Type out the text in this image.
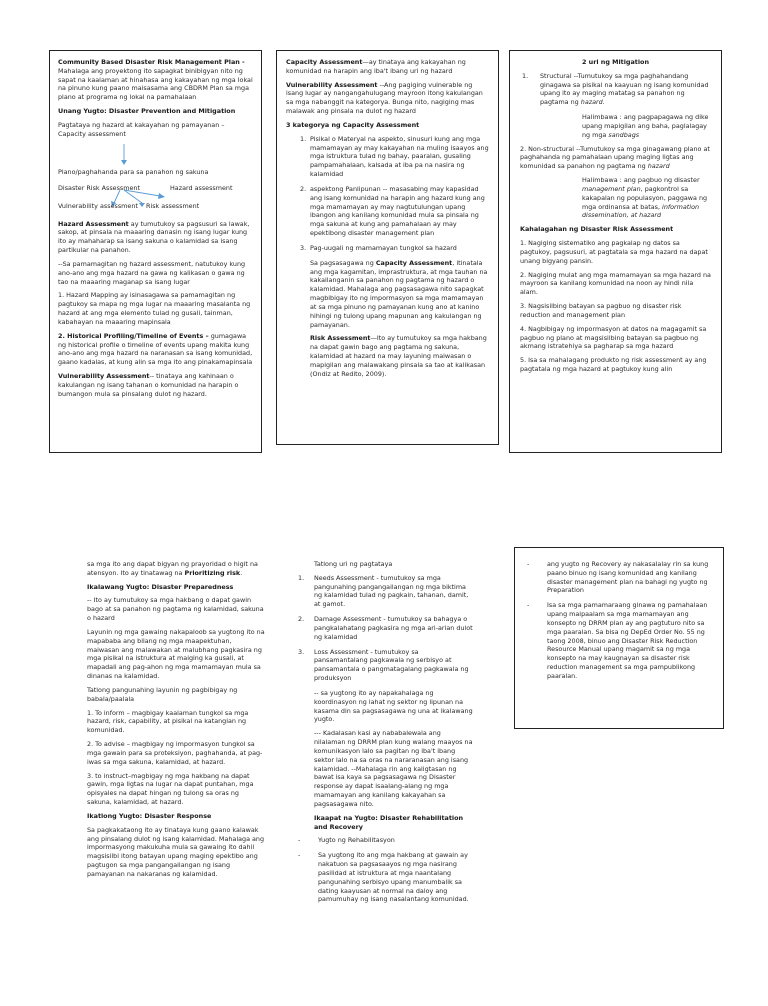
Community Based Disaster Risk Management Plan - Mahalaga ang proyektong ito sapagkat binibigyan nito ng sapat na kaalaman at hinahasa ang kakayahan ng mga lokal na pinuno kung paano maisasama ang CBDRM Plan sa mga plano at programa ng lokal na pamahalaan

Unang Yugto: Disaster Prevention and Mitigation

Pagtataya ng hazard at kakayahan ng pamayanan – Capacity assessment

Plano/paghahanda para sa panahon ng sakuna
Disaster Risk Assessment	Hazard assessment
Vulnerability assessment Risk assessment

Hazard Assessment ay tumutukoy sa pagsusuri sa lawak, sakop, at pinsala na maaaring danasin ng isang lugar kung ito ay mahaharap sa isang sakuna o kalamidad sa isang partikular na panahon.

--Sa pamamagitan ng hazard assessment, natutukoy kung ano-ano ang mga hazard na gawa ng kalikasan o gawa ng tao na maaaring maganap sa isang lugar

1. Hazard Mapping ay isinasagawa sa pamamagitan ng pagtukoy sa mapa ng mga lugar na maaaring masalanta ng hazard at ang mga elemento tulad ng gusali, tainman, kabahayan na maaaring mapinsala

2. Historical Profiling/Timeline of Events – gumagawa ng historical profile o timeline of events upang makita kung ano-ano ang mga hazard na naranasan sa isang komunidad, gaano kadalas, at kung alin sa mga ito ang pinakamapinsala

Vulnerability Assessment-- tinataya ang kahinaan o kakulangan ng isang tahanan o komunidad na harapin o bumangon mula sa pinsalang dulot ng hazard.

Capacity Assessment—ay tinataya ang kakayahan ng komunidad na harapin ang iba't ibang uri ng hazard

Vulnerability Assessment --Ang pagiging vulnerable ng isang lugar ay nangangahulugang mayroon itong kakulangan sa mga nabanggit na kategorya. Bunga nito, nagiging mas malawak ang pinsala na dulot ng hazard

3 kategorya ng Capacity Assessment

1. Pisikal o Materyal na aspekto, sinusuri kung ang mga mamamayan ay may kakayahan na muling isaayos ang mga istruktura tulad ng bahay, paaralan, gusaling pampamahalaan, kalsada at iba pa na nasira ng kalamidad
2. aspektong Panlipunan -- masasabing may kapasidad ang isang komunidad na harapin ang hazard kung ang mga mamamayan ay may nagtutulungan upang ibangon ang kanilang komunidad mula sa pinsala ng mga sakuna at kung ang pamahalaan ay may epektibong disaster management plan
3. Pag-uugali ng mamamayan tungkol sa hazard

Sa pagsasagawa ng Capacity Assessment, itinatala ang mga kagamitan, imprastruktura, at mga tauhan na kakailanganin sa panahon ng pagtama ng hazard o kalamidad. Mahalaga ang pagsasagawa nito sapagkat magbibigay ito ng impormasyon sa mga mamamayan at sa mga pinuno ng pamayanan kung ano at kanino hihingi ng tulong upang mapunan ang kakulangan ng pamayanan.

Risk Assessment—Ito ay tumutukoy sa mga hakbang na dapat gawin bago ang pagtama ng sakuna, kalamidad at hazard na may layuning maiwasan o mapigilan ang malawakang pinsala sa tao at kalikasan (Ondiz at Redito, 2009).

2 uri ng Mitigation

1. Structural --Tumutukoy sa mga paghahandang ginagawa sa pisikal na kaayuan ng isang komunidad upang ito ay maging matatag sa panahon ng pagtama ng hazard.

Halimbawa : ang pagpapagawa ng dike upang mapigilan ang baha, paglalagay ng mga sandbags

2. Non-structural --Tumutukoy sa mga ginagawang plano at paghahanda ng pamahalaan upang maging ligtas ang komunidad sa panahon ng pagtama ng hazard

Halimbawa : ang pagbuo ng disaster management plan, pagkontrol sa kakapalan ng populasyon, paggawa ng mga ordinansa at batas, information dissemination, at hazard

Kahalagahan ng Disaster Risk Assessment

1. Nagiging sistematiko ang pagkalap ng datos sa pagtukoy, pagsusuri, at pagtatala sa mga hazard na dapat unang bigyang pansin.

2. Nagiging mulat ang mga mamamayan sa mga hazard na mayroon sa kanilang komunidad na noon ay hindi nila alam.

3. Nagsisilbing batayan sa pagbuo ng disaster risk reduction and management plan

4. Nagbibigay ng impormasyon at datos na magagamit sa pagbuo ng plano at magsisilbing batayan sa pagbuo ng akmang istratehiya sa pagharap sa mga hazard

5. Isa sa mahalagang produkto ng risk assessment ay ang pagtatala ng mga hazard at pagtukoy kung alin

sa mga ito ang dapat bigyan ng prayoridad o higit na atensyon. Ito ay tinatawag na Prioritizing risk.

Ikalawang Yugto: Disaster Preparedness

-- Ito ay tumutukoy sa mga hakbang o dapat gawin bago at sa panahon ng pagtama ng kalamidad, sakuna o hazard

Layunin ng mga gawaing nakapaloob sa yugtong ito na mapababa ang bilang ng mga maapektuhan, maiwasan ang malawakan at malubhang pagkasira ng mga pisikal na istruktura at maiging ka gusali, at mapadali ang pag-ahon ng mga mamamayan mula sa dinanas na kalamidad.

Tatlong pangunahing layunin ng pagbibigay ng babala/paalala

1. To inform – magbigay kaalaman tungkol sa mga hazard, risk, capability, at pisikal na katangian ng komunidad.

2. To advise – magbigay ng impormasyon tungkol sa mga gawain para sa proteksiyon, paghahanda, at pag-iwas sa mga sakuna, kalamidad, at hazard.

3. to instruct–magbigay ng mga hakbang na dapat gawin, mga ligtas na lugar na dapat puntahan, mga opisyales na dapat hingan ng tulong sa oras ng sakuna, kalamidad, at hazard.

Ikatlong Yugto: Disaster Response

Sa pagkakataong ito ay tinataya kung gaano kalawak ang pinsalang dulot ng isang kalamidad. Mahalaga ang impormasyong makukuha mula sa gawaing ito dahil magsisilbi itong batayan upang maging epektibo ang pagtugon sa mga pangangailangan ng isang pamayanan na nakaranas ng kalamidad.

Tatlong uri ng pagtataya

1. Needs Assessment - tumutukoy sa mga pangunahing pangangailangan ng mga biktima ng kalamidad tulad ng pagkain, tahanan, damit, at gamot.
2. Damage Assessment - tumutukoy sa bahagya o pangkalahatang pagkasira ng mga ari-arian dulot ng kalamidad
3. Loss Assessment - tumutukoy sa pansamantalang pagkawala ng serbisyo at pansamantala o pangmatagalang pagkawala ng produksyon

-- sa yugtong ito ay napakahalaga ng koordinasyon ng lahat ng sektor ng lipunan na kasama din sa pagsasagawa ng una at ikalawang yugto.

--- Kadalasan kasi ay nababalewala ang nilalaman ng DRRM plan kung walang maayos na komunikasyon lalo sa pagitan ng iba't ibang sektor lalo na sa oras na nararanasan ang isang kalamidad. --Mahalaga rin ang kaligtasan ng bawat isa kaya sa pagsasagawa ng Disaster response ay dapat isaalang-alang ng mga mamamayan ang kanilang kakayahan sa pagsasagawa nito.

Ikaapat na Yugto: Disaster Rehabilitation and Recovery

-	Yugto ng Rehabilitasyon
-	Sa yugtong ito ang mga hakbang at gawain ay nakatuon sa pagsasaayos ng mga nasirang pasilidad at istruktura at mga naantalang pangunahing serbisyo upang manumbalik sa dating kaayusan at normal na daloy ang pamumuhay ng isang nasalantang komunidad.
-	ang yugto ng Recovery ay nakasalalay rin sa kung paano binuo ng isang komunidad ang kanilang disaster management plan na bahagi ng yugto ng Preparation
-	Isa sa mga pamamaraang ginawa ng pamahalaan upang maipaalam sa mga mamamayan ang konsepto ng DRRM plan ay ang pagtuturo nito sa mga paaralan. Sa bisa ng DepEd Order No. 55 ng taong 2008, binuo ang Disaster Risk Reduction Resource Manual upang magamit sa ng mga konsepto na may kaugnayan sa disaster risk reduction management sa mga pampublikong paaralan.
